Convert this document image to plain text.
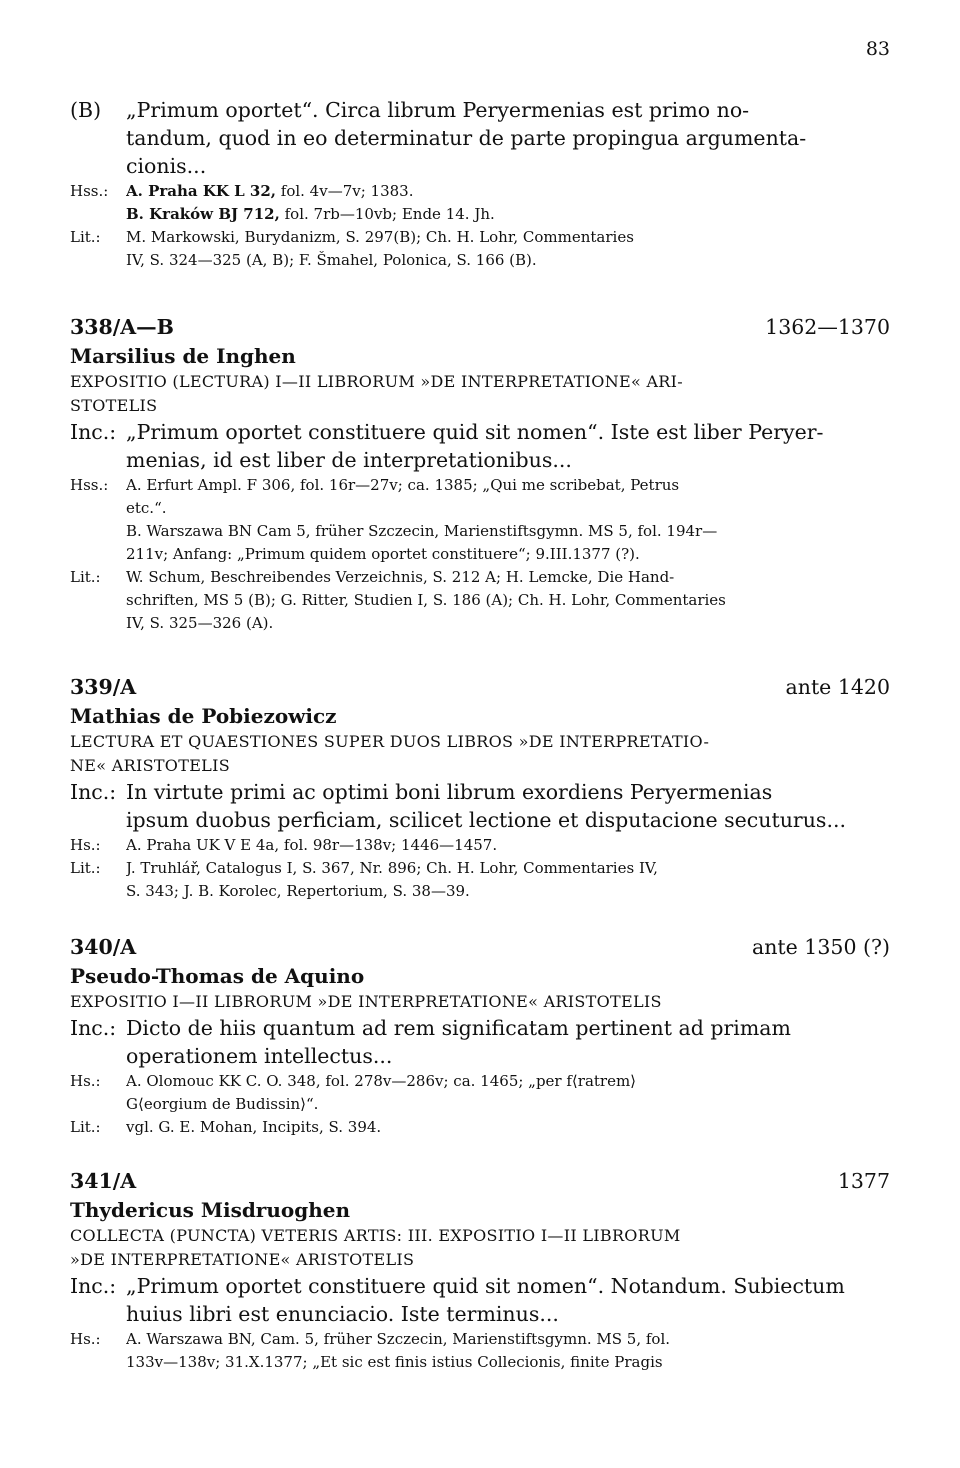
83
(B)	„Primum oportet“. Circa librum Peryermenias est primo no-
tandum, quod in eo determinatur de parte propingua argumenta-
cionis...
Hss.:	A. Praha KK L 32, fol. 4v—7v; 1383.
B. Kraków BJ 712, fol. 7rb—10vb; Ende 14. Jh.
Lit.:	M. Markowski, Burydanizm, S. 297(B); Ch. H. Lohr, Commentaries
IV, S. 324—325 (A, B); F. Šmahel, Polonica, S. 166 (B).
338/A—B	1362—1370
Marsilius de Inghen
EXPOSITIO (LECTURA) I—II LIBRORUM »DE INTERPRETATIONE« ARI-
STOTELIS
Inc.: „Primum oportet constituere quid sit nomen“. Iste est liber Peryer-
menias, id est liber de interpretationibus...
Hss.:	A. Erfurt Ampl. F 306, fol. 16r—27v; ca. 1385; „Qui me scribebat, Petrus
etc.“.
B. Warszawa BN Cam 5, früher Szczecin, Marienstiftsgymn. MS 5, fol. 194r—
211v; Anfang: „Primum quidem oportet constituere“; 9.III.1377 (?).
Lit.:	W. Schum, Beschreibendes Verzeichnis, S. 212 A; H. Lemcke, Die Hand-
schriften, MS 5 (B); G. Ritter, Studien I, S. 186 (A); Ch. H. Lohr, Commentaries
IV, S. 325—326 (A).
339/A	ante 1420
Mathias de Pobiezowicz
LECTURA ET QUAESTIONES SUPER DUOS LIBROS »DE INTERPRETATIO-
NE« ARISTOTELIS
Inc.: In virtute primi ac optimi boni librum exordiens Peryermenias
ipsum duobus perficiam, scilicet lectione et disputacione secuturus...
Hs.:	A. Praha UK V E 4a, fol. 98r—138v; 1446—1457.
Lit.:	J. Truhlář, Catalogus I, S. 367, Nr. 896; Ch. H. Lohr, Commentaries IV,
S. 343; J. B. Korolec, Repertorium, S. 38—39.
340/A	ante 1350 (?)
Pseudo-Thomas de Aquino
EXPOSITIO I—II LIBRORUM »DE INTERPRETATIONE« ARISTOTELIS
Inc.: Dicto de hiis quantum ad rem significatam pertinent ad primam
operationem intellectus...
Hs.:	A. Olomouc KK C. O. 348, fol. 278v—286v; ca. 1465; „per f⟨ratrem⟩
G⟨eorgium de Budissin⟩“.
Lit.:	vgl. G. E. Mohan, Incipits, S. 394.
341/A	1377
Thydericus Misdruoghen
COLLECTA (PUNCTA) VETERIS ARTIS: III. EXPOSITIO I—II LIBRORUM
»DE INTERPRETATIONE« ARISTOTELIS
Inc.: „Primum oportet constituere quid sit nomen“. Notandum. Subiectum
huius libri est enunciacio. Iste terminus...
Hs.:	A. Warszawa BN, Cam. 5, früher Szczecin, Marienstiftsgymn. MS 5, fol.
133v—138v; 31.X.1377; „Et sic est finis istius Collecionis, finite Pragis
